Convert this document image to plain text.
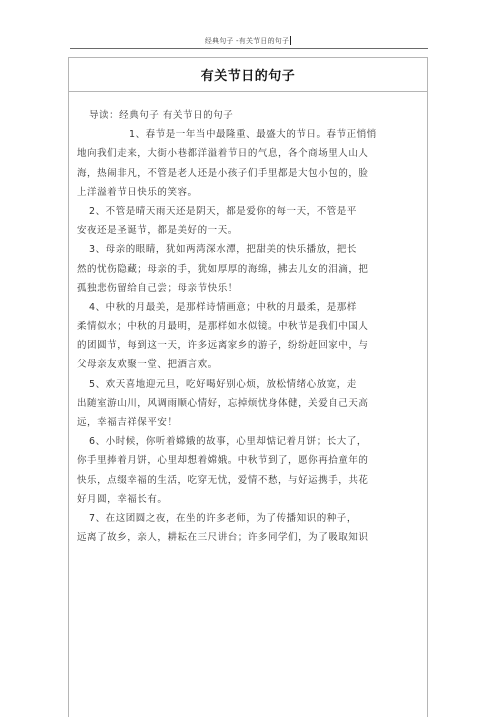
经典句子 -有关节日的句子
有关节日的句子
导读：经典句子 有关节日的句子
1、春节是一年当中最隆重、最盛大的节日。春节正悄悄
地向我们走来，大街小巷都洋溢着节日的气息，各个商场里人山人
海，热闹非凡，不管是老人还是小孩子们手里都是大包小包的，脸
上洋溢着节日快乐的笑容。
2、不管是晴天雨天还是阴天，都是爱你的每一天，不管是平
安夜还是圣诞节，都是美好的一天。
3、母亲的眼睛，犹如两湾深水潭，把甜美的快乐播放，把长
然的忧伤隐藏；母亲的手，犹如厚厚的海绵，拂去儿女的泪滴，把
孤独悲伤留给自己尝；母亲节快乐！
4、中秋的月最美，是那样诗情画意；中秋的月最柔，是那样
柔情似水；中秋的月最明，是那样如水似镜。中秋节是我们中国人
的团圆节，每到这一天，许多远离家乡的游子，纷纷赶回家中，与
父母亲友欢聚一堂、把酒言欢。
5、欢天喜地迎元旦，吃好喝好别心烦，放松情绪心放宽，走
出随室游山川，风调雨顺心情好，忘掉烦忧身体健，关爱自己天高
远，幸福吉祥保平安！
6、小时候，你听着嫦娥的故事，心里却惦记着月饼；长大了，
你手里捧着月饼，心里却想着嫦娥。中秋节到了，愿你再拾童年的
快乐，点缀幸福的生活，吃穿无忧，爱情不愁，与好运携手，共花
好月圆，幸福长有。
7、在这团圆之夜，在坐的许多老师，为了传播知识的种子，
远离了故乡，亲人，耕耘在三尺讲台；许多同学们，为了吸取知识
